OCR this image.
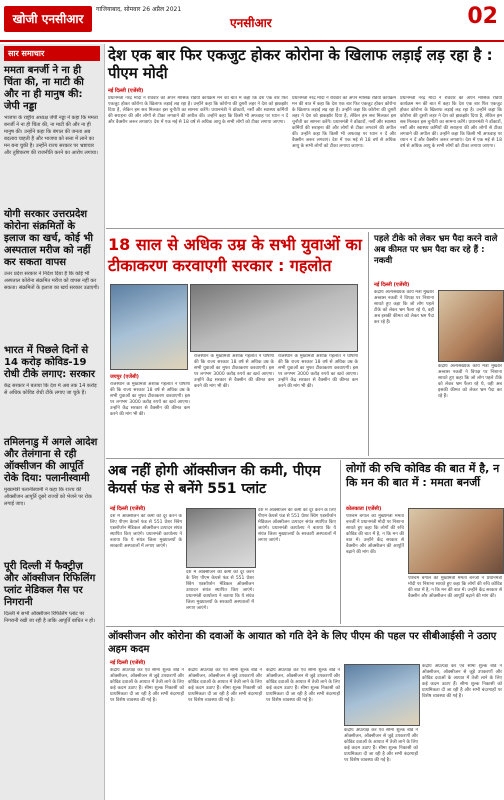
खोजी एनसीआर
गाजियाबाद, सोमवार 26 अप्रैल 2021
एनसीआर	02
सार समाचार
ममता बनर्जी ने ना ही चिंता की, ना माटी की और ना ही मानुष की: जेपी नड्डा
भाजपा के राष्ट्रीय अध्यक्ष जेपी नड्डा ने कहा कि ममता बनर्जी ने ना ही चिंता की, ना माटी की और ना ही मानुष की। उन्होंने कहा कि बंगाल की जनता अब बदलाव चाहती है और भाजपा को सत्ता में लाने का मन बना चुकी है। उन्होंने राज्य सरकार पर भ्रष्टाचार और तुष्टिकरण की राजनीति करने का आरोप लगाया।
योगी सरकार उत्तरप्रदेश कोरोना संक्रमितों के इलाज का खर्च, कोई भी अस्पताल मरीज को नहीं कर सकता वापस
उत्तर प्रदेश सरकार ने निर्देश दिया है कि कोई भी अस्पताल कोरोना संक्रमित मरीज को वापस नहीं कर सकता। संक्रमितों के इलाज का खर्च सरकार उठाएगी।
भारत में पिछले दिनों से 14 करोड़ कोविड-19 रोधी टीके लगाए: सरकार
केंद्र सरकार ने बताया कि देश में अब तक 14 करोड़ से अधिक कोविड रोधी टीके लगाए जा चुके हैं।
तमिलनाडु में अगले आदेश और तेलंगाना से रही ऑक्सीजन की आपूर्ति रोके दिया: पलानीस्वामी
मुख्यमंत्री पलानीस्वामी ने कहा कि राज्य की ऑक्सीजन आपूर्ति दूसरे राज्यों को भेजने पर रोक लगाई जाए।
पूरी दिल्ली में फैक्ट्रीज़ और ऑक्सीजन रिफिलिंग प्लांट मेडिकल गैस पर निगरानी
दिल्ली में सभी ऑक्सीजन रिफिलिंग प्लांट पर निगरानी रखी जा रही है ताकि आपूर्ति बाधित न हो।
देश एक बार फिर एकजुट होकर कोरोना के खिलाफ लड़ाई लड़ रहा है : पीएम मोदी
नई दिल्ली (एजेंसी)
प्रधानमंत्री नरेंद्र मोदी ने रविवार को अपने मासिक रेडियो कार्यक्रम मन की बात में कहा कि देश एक बार फिर एकजुट होकर कोरोना के खिलाफ लड़ाई लड़ रहा है। उन्होंने कहा कि कोरोना की दूसरी लहर ने देश को झकझोर दिया है, लेकिन हम सब मिलकर इस चुनौती का सामना करेंगे। प्रधानमंत्री ने डॉक्टरों, नर्सों और स्वास्थ्य कर्मियों की सराहना की और लोगों से टीका लगवाने की अपील की। उन्होंने कहा कि किसी भी अफवाह पर ध्यान न दें और वैक्सीन जरूर लगवाएं। देश में एक मई से 18 वर्ष से अधिक आयु के सभी लोगों को टीका लगाया जाएगा।
प्रधानमंत्री नरेंद्र मोदी ने रविवार को अपने मासिक रेडियो कार्यक्रम मन की बात में कहा कि देश एक बार फिर एकजुट होकर कोरोना के खिलाफ लड़ाई लड़ रहा है। उन्होंने कहा कि कोरोना की दूसरी लहर ने देश को झकझोर दिया है, लेकिन हम सब मिलकर इस चुनौती का सामना करेंगे। प्रधानमंत्री ने डॉक्टरों, नर्सों और स्वास्थ्य कर्मियों की सराहना की और लोगों से टीका लगवाने की अपील की। उन्होंने कहा कि किसी भी अफवाह पर ध्यान न दें और वैक्सीन जरूर लगवाएं। देश में एक मई से 18 वर्ष से अधिक आयु के सभी लोगों को टीका लगाया जाएगा।
प्रधानमंत्री नरेंद्र मोदी ने रविवार को अपने मासिक रेडियो कार्यक्रम मन की बात में कहा कि देश एक बार फिर एकजुट होकर कोरोना के खिलाफ लड़ाई लड़ रहा है। उन्होंने कहा कि कोरोना की दूसरी लहर ने देश को झकझोर दिया है, लेकिन हम सब मिलकर इस चुनौती का सामना करेंगे। प्रधानमंत्री ने डॉक्टरों, नर्सों और स्वास्थ्य कर्मियों की सराहना की और लोगों से टीका लगवाने की अपील की। उन्होंने कहा कि किसी भी अफवाह पर ध्यान न दें और वैक्सीन जरूर लगवाएं। देश में एक मई से 18 वर्ष से अधिक आयु के सभी लोगों को टीका लगाया जाएगा।
18 साल से अधिक उम्र के सभी युवाओं का टीकाकरण करवाएगी सरकार : गहलोत
जयपुर (एजेंसी)
राजस्थान के मुख्यमंत्री अशोक गहलोत ने घोषणा की कि राज्य सरकार 18 वर्ष से अधिक उम्र के सभी युवाओं का मुफ्त टीकाकरण करवाएगी। इस पर लगभग 3000 करोड़ रुपये का खर्च आएगा। उन्होंने केंद्र सरकार से वैक्सीन की कीमत कम करने की मांग भी की।
राजस्थान के मुख्यमंत्री अशोक गहलोत ने घोषणा की कि राज्य सरकार 18 वर्ष से अधिक उम्र के सभी युवाओं का मुफ्त टीकाकरण करवाएगी। इस पर लगभग 3000 करोड़ रुपये का खर्च आएगा। उन्होंने केंद्र सरकार से वैक्सीन की कीमत कम करने की मांग भी की।
राजस्थान के मुख्यमंत्री अशोक गहलोत ने घोषणा की कि राज्य सरकार 18 वर्ष से अधिक उम्र के सभी युवाओं का मुफ्त टीकाकरण करवाएगी। इस पर लगभग 3000 करोड़ रुपये का खर्च आएगा। उन्होंने केंद्र सरकार से वैक्सीन की कीमत कम करने की मांग भी की।
पहले टीके को लेकर भ्रम पैदा करने वाले अब कीमत पर भ्रम पैदा कर रहे हैं : नकवी
नई दिल्ली (एजेंसी)
केंद्रीय अल्पसंख्यक कार्य मंत्री मुख्तार अब्बास नकवी ने विपक्ष पर निशाना साधते हुए कहा कि जो लोग पहले टीके को लेकर भ्रम फैला रहे थे, वही अब इसकी कीमत को लेकर भ्रम पैदा कर रहे हैं।
केंद्रीय अल्पसंख्यक कार्य मंत्री मुख्तार अब्बास नकवी ने विपक्ष पर निशाना साधते हुए कहा कि जो लोग पहले टीके को लेकर भ्रम फैला रहे थे, वही अब इसकी कीमत को लेकर भ्रम पैदा कर रहे हैं।
अब नहीं होगी ऑक्सीजन की कमी, पीएम केयर्स फंड से बनेंगे 551 प्लांट
नई दिल्ली (एजेंसी)
देश में ऑक्सीजन की कमी को दूर करने के लिए पीएम केयर्स फंड से 551 प्रेशर स्विंग एडसॉर्प्शन मेडिकल ऑक्सीजन उत्पादन संयंत्र स्थापित किए जाएंगे। प्रधानमंत्री कार्यालय ने बताया कि ये संयंत्र जिला मुख्यालयों के सरकारी अस्पतालों में लगाए जाएंगे।
देश में ऑक्सीजन की कमी को दूर करने के लिए पीएम केयर्स फंड से 551 प्रेशर स्विंग एडसॉर्प्शन मेडिकल ऑक्सीजन उत्पादन संयंत्र स्थापित किए जाएंगे। प्रधानमंत्री कार्यालय ने बताया कि ये संयंत्र जिला मुख्यालयों के सरकारी अस्पतालों में लगाए जाएंगे।
देश में ऑक्सीजन की कमी को दूर करने के लिए पीएम केयर्स फंड से 551 प्रेशर स्विंग एडसॉर्प्शन मेडिकल ऑक्सीजन उत्पादन संयंत्र स्थापित किए जाएंगे। प्रधानमंत्री कार्यालय ने बताया कि ये संयंत्र जिला मुख्यालयों के सरकारी अस्पतालों में लगाए जाएंगे।
लोगों की रुचि कोविड की बात में है, न कि मन की बात में : ममता बनर्जी
कोलकाता (एजेंसी)
पश्चिम बंगाल की मुख्यमंत्री ममता बनर्जी ने प्रधानमंत्री मोदी पर निशाना साधते हुए कहा कि लोगों की रुचि कोविड की बात में है, न कि मन की बात में। उन्होंने केंद्र सरकार से वैक्सीन और ऑक्सीजन की आपूर्ति बढ़ाने की मांग की।
पश्चिम बंगाल की मुख्यमंत्री ममता बनर्जी ने प्रधानमंत्री मोदी पर निशाना साधते हुए कहा कि लोगों की रुचि कोविड की बात में है, न कि मन की बात में। उन्होंने केंद्र सरकार से वैक्सीन और ऑक्सीजन की आपूर्ति बढ़ाने की मांग की।
ऑक्सीजन और कोरोना की दवाओं के आयात को गति देने के लिए पीएम की पहल पर सीबीआईसी ने उठाए अहम कदम
नई दिल्ली (एजेंसी)
केंद्रीय अप्रत्यक्ष कर एवं सीमा शुल्क बोर्ड ने ऑक्सीजन, ऑक्सीजन से जुड़े उपकरणों और कोविड दवाओं के आयात में तेजी लाने के लिए कई कदम उठाए हैं। सीमा शुल्क निकासी को प्राथमिकता दी जा रही है और सभी बंदरगाहों पर विशेष व्यवस्था की गई है।
केंद्रीय अप्रत्यक्ष कर एवं सीमा शुल्क बोर्ड ने ऑक्सीजन, ऑक्सीजन से जुड़े उपकरणों और कोविड दवाओं के आयात में तेजी लाने के लिए कई कदम उठाए हैं। सीमा शुल्क निकासी को प्राथमिकता दी जा रही है और सभी बंदरगाहों पर विशेष व्यवस्था की गई है।
केंद्रीय अप्रत्यक्ष कर एवं सीमा शुल्क बोर्ड ने ऑक्सीजन, ऑक्सीजन से जुड़े उपकरणों और कोविड दवाओं के आयात में तेजी लाने के लिए कई कदम उठाए हैं। सीमा शुल्क निकासी को प्राथमिकता दी जा रही है और सभी बंदरगाहों पर विशेष व्यवस्था की गई है।
केंद्रीय अप्रत्यक्ष कर एवं सीमा शुल्क बोर्ड ने ऑक्सीजन, ऑक्सीजन से जुड़े उपकरणों और कोविड दवाओं के आयात में तेजी लाने के लिए कई कदम उठाए हैं। सीमा शुल्क निकासी को प्राथमिकता दी जा रही है और सभी बंदरगाहों पर विशेष व्यवस्था की गई है।
केंद्रीय अप्रत्यक्ष कर एवं सीमा शुल्क बोर्ड ने ऑक्सीजन, ऑक्सीजन से जुड़े उपकरणों और कोविड दवाओं के आयात में तेजी लाने के लिए कई कदम उठाए हैं। सीमा शुल्क निकासी को प्राथमिकता दी जा रही है और सभी बंदरगाहों पर विशेष व्यवस्था की गई है।
